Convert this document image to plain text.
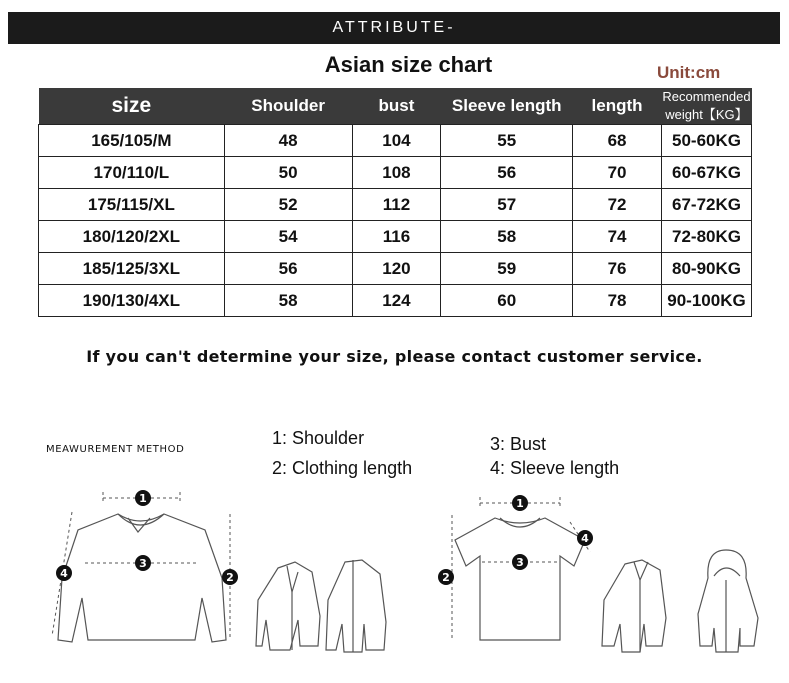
ATTRIBUTE-
Asian size chart	Unit:cm
size	Shoulder	bust	Sleeve length	length	Recommended
weight【KG】

165/105/M	48	104	55	68	50-60KG
170/110/L	50	108	56	70	60-67KG
175/115/XL	52	112	57	72	67-72KG
180/120/2XL	54	116	58	74	72-80KG
185/125/3XL	56	120	59	76	80-90KG
190/130/4XL	58	124	60	78	90-100KG
If you can't determine your size, please contact customer service.
MEAWUREMENT METHOD
1: Shoulder
2: Clothing length
3: Bust
4: Sleeve length
1
3
4	2
1
3
2
4
